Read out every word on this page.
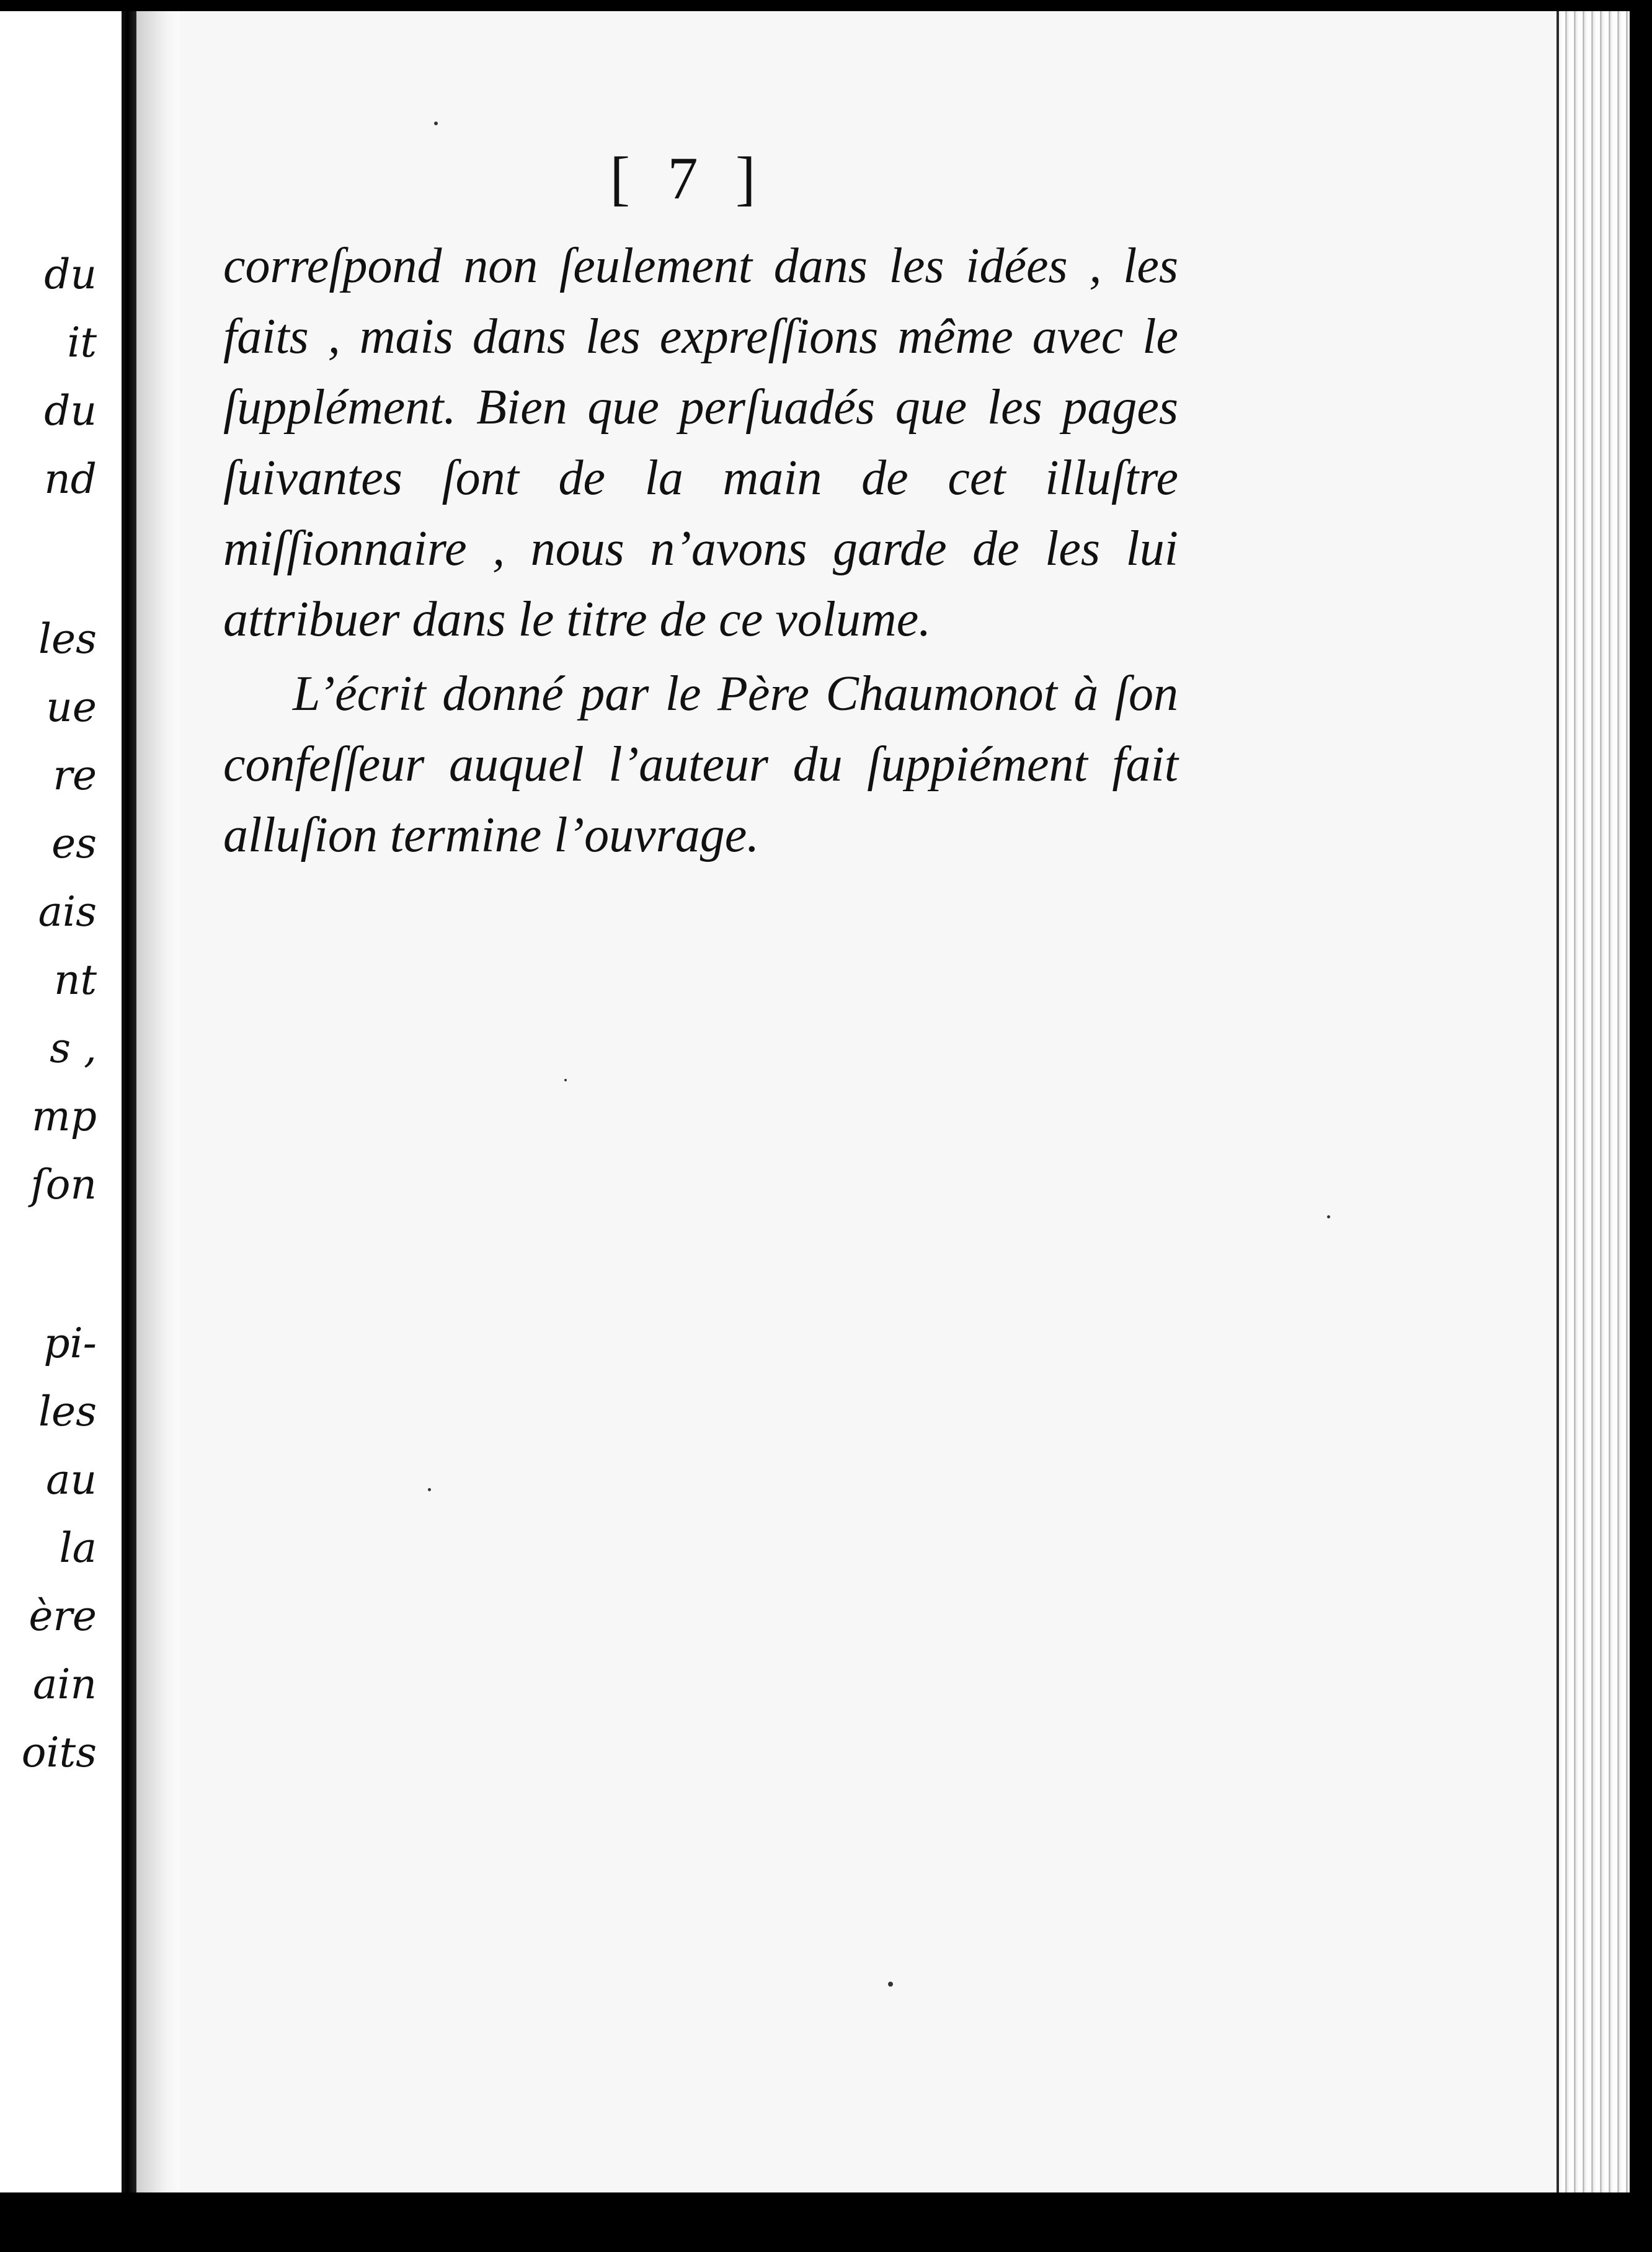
du
it
du
nd
les
ue
re
es
ais
nt
s ,
mp
ſon
pi-
les
au
la
ère
ain
oits
[ 7 ]

correſpond non ſeulement dans les idées , les faits , mais dans les expreſſions même avec le ſupplément. Bien que perſuadés que les pages ſuivantes ſont de la main de cet illuſtre miſſionnaire , nous n’avons garde de les lui attribuer dans le titre de ce volume.

L’écrit donné par le Père Chaumonot à ſon confeſſeur auquel l’auteur du ſuppiément fait alluſion termine l’ouvrage.
